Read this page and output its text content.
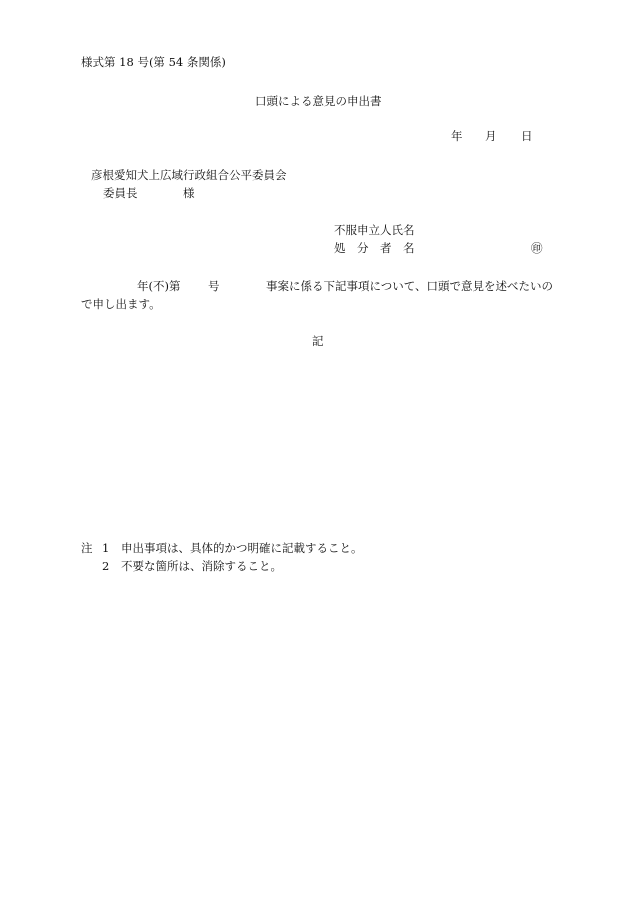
様式第 18 号(第 54 条関係)
口頭による意見の申出書
年 月 日
彦根愛知犬上広域行政組合公平委員会
委員長	様
不服申立人氏名
処　分　者　名	㊞
年(不)第 号	事案に係る下記事項について、口頭で意見を述べたいの
で申し出ます。
記
注 1 申出事項は、具体的かつ明確に記載すること。
2 不要な箇所は、消除すること。
